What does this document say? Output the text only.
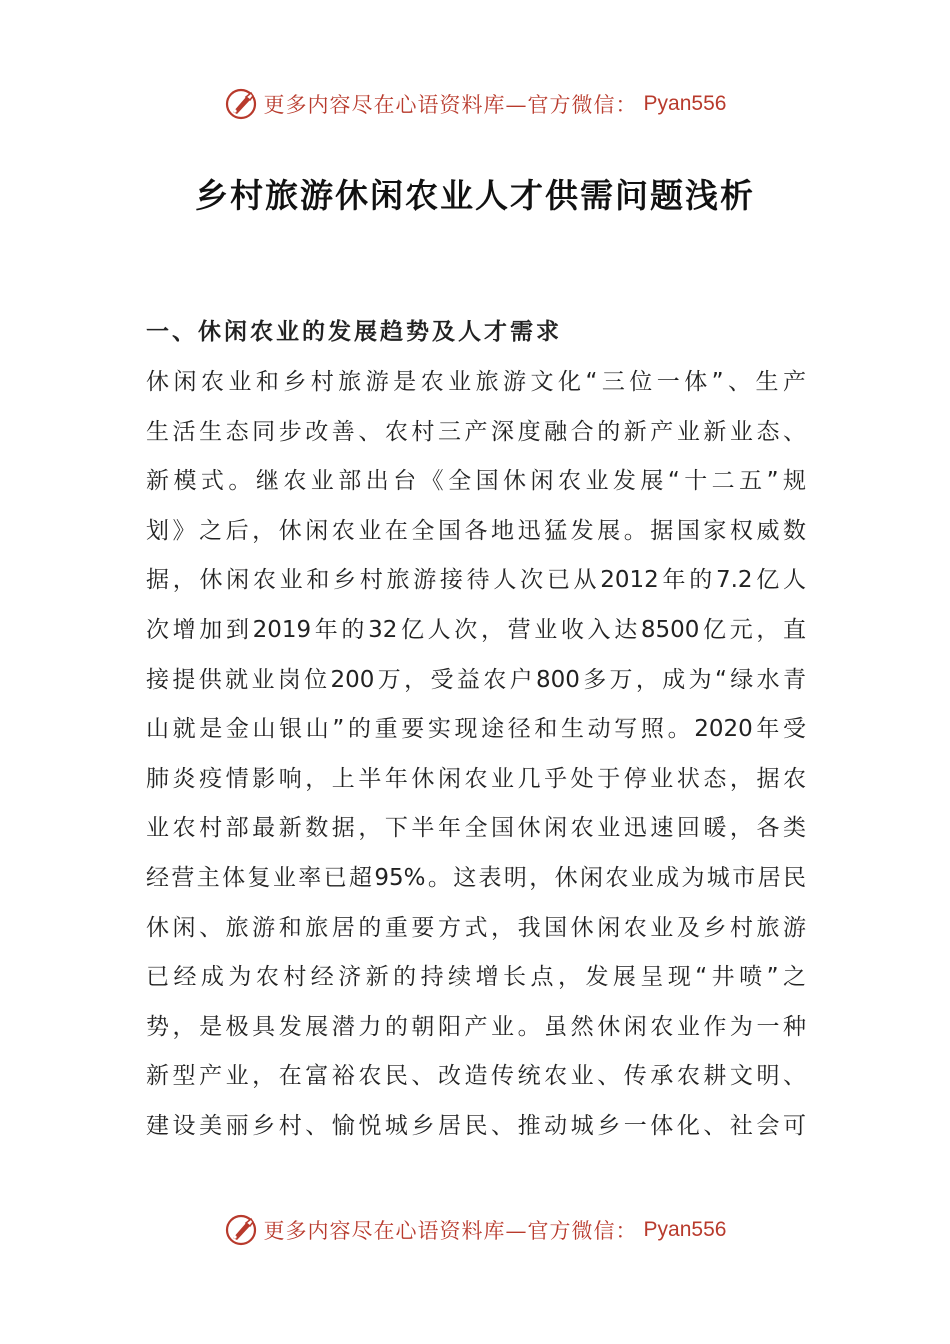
更多内容尽在心语资料库—官方微信： Pyan556
乡村旅游休闲农业人才供需问题浅析
一、休闲农业的发展趋势及人才需求
休闲农业和乡村旅游是农业旅游文化“三位一体”、生产
生活生态同步改善、农村三产深度融合的新产业新业态、
新模式。继农业部出台《全国休闲农业发展“十二五”规
划》之后，休闲农业在全国各地迅猛发展。据国家权威数
据，休闲农业和乡村旅游接待人次已从2012年的7.2亿人
次增加到2019年的32亿人次，营业收入达8500亿元，直
接提供就业岗位200万，受益农户800多万，成为“绿水青
山就是金山银山”的重要实现途径和生动写照。2020年受
肺炎疫情影响，上半年休闲农业几乎处于停业状态，据农
业农村部最新数据，下半年全国休闲农业迅速回暖，各类
经营主体复业率已超95%。这表明，休闲农业成为城市居民
休闲、旅游和旅居的重要方式，我国休闲农业及乡村旅游
已经成为农村经济新的持续增长点，发展呈现“井喷”之
势，是极具发展潜力的朝阳产业。虽然休闲农业作为一种
新型产业，在富裕农民、改造传统农业、传承农耕文明、
建设美丽乡村、愉悦城乡居民、推动城乡一体化、社会可
更多内容尽在心语资料库—官方微信： Pyan556
